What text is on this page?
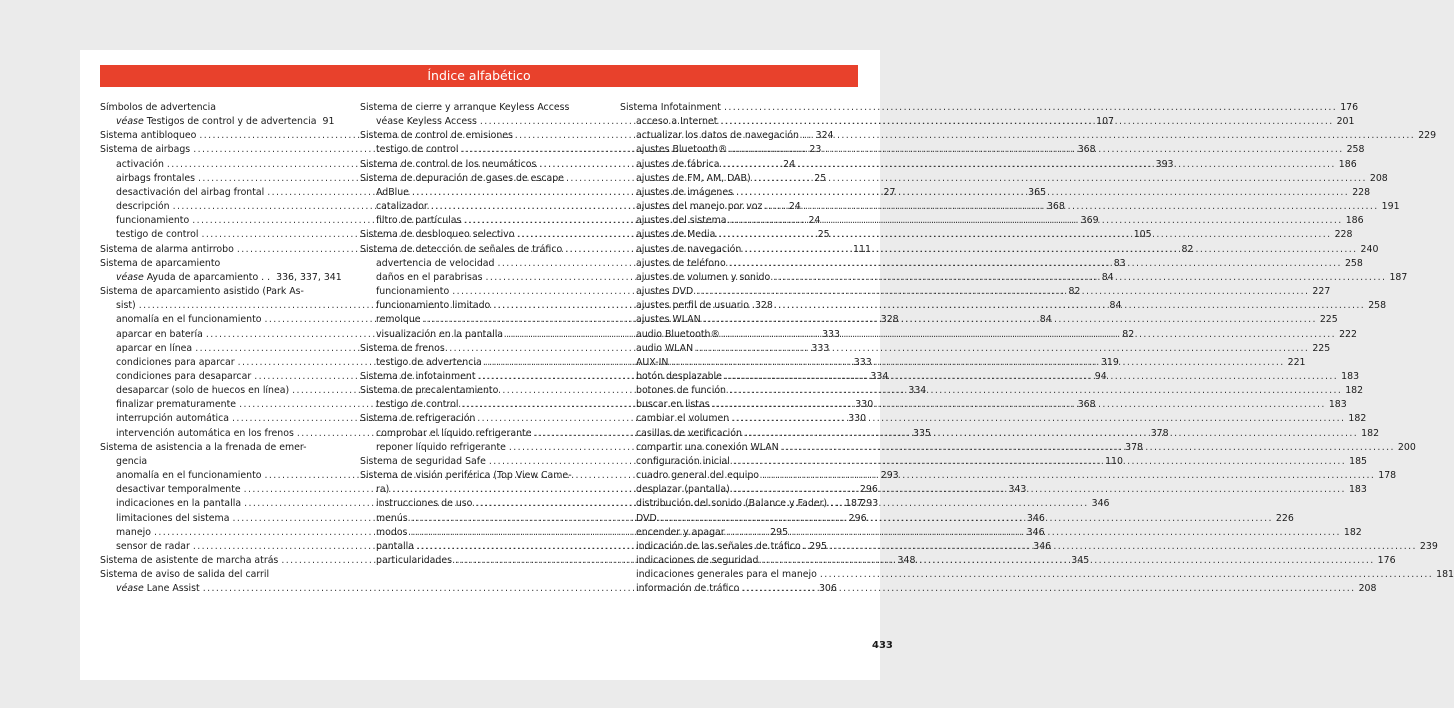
Índice alfabético
Símbolos de advertencia
véase Testigos de control y de advertencia 91
Sistema antibloqueo .....	324
Sistema de airbags .....	23
activación .....	24
airbags frontales .....	25
desactivación del airbag frontal .....	27
descripción .....	24
funcionamiento .....	24
testigo de control .....	25
Sistema de alarma antirrobo .....	111
Sistema de aparcamiento
véase Ayuda de aparcamiento . . 336, 337, 341
Sistema de aparcamiento asistido (Park As-
sist) .....	328
anomalía en el funcionamiento .....	328
aparcar en batería .....	333
aparcar en línea .....	333
condiciones para aparcar .....	333
condiciones para desaparcar .....	334
desaparcar (solo de huecos en línea) .....	334
finalizar prematuramente .....	330
interrupción automática .....	330
intervención automática en los frenos .....	335
Sistema de asistencia a la frenada de emer-
gencia
anomalía en el funcionamiento .....	293
desactivar temporalmente .....	296
indicaciones en la pantalla .....	293
limitaciones del sistema .....	296
manejo .....	295
sensor de radar .....	295
Sistema de asistente de marcha atrás .....	348
Sistema de aviso de salida del carril
véase Lane Assist .....	306
Sistema de cierre y arranque Keyless Access
véase Keyless Access .....	107
Sistema de control de emisiones
testigo de control .....	368
Sistema de control de los neumáticos .....	393
Sistema de depuración de gases de escape
AdBlue .....	365
catalizador .....	368
filtro de partículas .....	369
Sistema de desbloqueo selectivo .....	105
Sistema de detección de señales de tráfico .....	82
advertencia de velocidad .....	83
daños en el parabrisas .....	84
funcionamiento .....	82
funcionamiento limitado .....	84
remolque .....	84
visualización en la pantalla .....	82
Sistema de frenos
testigo de advertencia .....	319
Sistema de infotainment .....	94
Sistema de precalentamiento
testigo de control .....	368
Sistema de refrigeración
comprobar el líquido refrigerante .....	378
reponer líquido refrigerante .....	378
Sistema de seguridad Safe .....	110
Sistema de visión periférica (Top View Came-
ra) .....	343
instrucciones de uso .....	346
menús .....	346
modos .....	346
pantalla .....	346
particularidades .....	345
Sistema Infotainment .....	176
acceso a Internet .....	201
actualizar los datos de navegación .....	229
ajustes Bluetooth® .....	258
ajustes de fábrica .....	186
ajustes de FM, AM, DAB) .....	208
ajustes de imágenes .....	228
ajustes del manejo por voz .....	191
ajustes del sistema .....	186
ajustes de Media .....	228
ajustes de navegación .....	240
ajustes de teléfono .....	258
ajustes de volumen y sonido .....	187
ajustes DVD .....	227
ajustes perfil de usuario .....	258
ajustes WLAN .....	225
audio Bluetooth® .....	222
audio WLAN .....	225
AUX-IN .....	221
botón desplazable .....	183
botones de función .....	182
buscar en listas .....	183
cambiar el volumen .....	182
casillas de verificación .....	182
compartir una conexión WLAN .....	200
configuración inicial .....	185
cuadro general del equipo .....	178
desplazar (pantalla) .....	183
distribución del sonido (Balance y Fader) . . 187
DVD .....	226
encender y apagar .....	182
indicación de las señales de tráfico .....	239
indicaciones de seguridad .....	176
indicaciones generales para el manejo .....	181
información de tráfico .....	208
433
